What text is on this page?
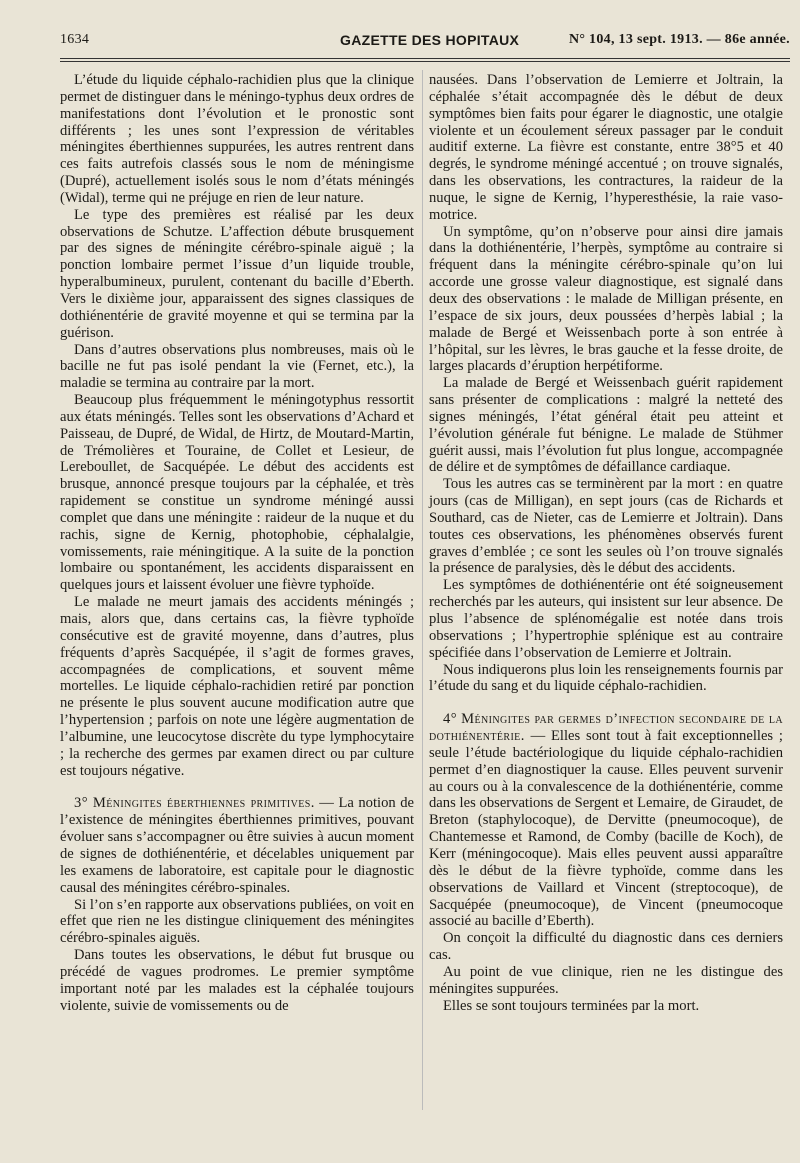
1634	GAZETTE DES HOPITAUX	N° 104, 13 sept. 1913. — 86e année.

L’étude du liquide céphalo-rachidien plus que la clinique permet de distinguer dans le méningo-typhus deux ordres de manifestations dont l’évolution et le pronostic sont différents ; les unes sont l’expression de véritables méningites éberthiennes suppurées, les autres rentrent dans ces faits autrefois classés sous le nom de méningisme (Dupré), actuellement isolés sous le nom d’états méningés (Widal), terme qui ne préjuge en rien de leur nature.

Le type des premières est réalisé par les deux observations de Schutze. L’affection débute brusquement par des signes de méningite cérébro-spinale aiguë ; la ponction lombaire permet l’issue d’un liquide trouble, hyperalbumineux, purulent, contenant du bacille d’Eberth. Vers le dixième jour, apparaissent des signes classiques de dothiénentérie de gravité moyenne et qui se termina par la guérison.

Dans d’autres observations plus nombreuses, mais où le bacille ne fut pas isolé pendant la vie (Fernet, etc.), la maladie se termina au contraire par la mort.

Beaucoup plus fréquemment le méningotyphus ressortit aux états méningés. Telles sont les observations d’Achard et Paisseau, de Dupré, de Widal, de Hirtz, de Moutard-Martin, de Trémolières et Touraine, de Collet et Lesieur, de Lereboullet, de Sacquépée. Le début des accidents est brusque, annoncé presque toujours par la céphalée, et très rapidement se constitue un syndrome méningé aussi complet que dans une méningite : raideur de la nuque et du rachis, signe de Kernig, photophobie, céphalalgie, vomissements, raie méningitique. A la suite de la ponction lombaire ou spontanément, les accidents disparaissent en quelques jours et laissent évoluer une fièvre typhoïde.

Le malade ne meurt jamais des accidents méningés ; mais, alors que, dans certains cas, la fièvre typhoïde consécutive est de gravité moyenne, dans d’autres, plus fréquents d’après Sacquépée, il s’agit de formes graves, accompagnées de complications, et souvent même mortelles. Le liquide céphalo-rachidien retiré par ponction ne présente le plus souvent aucune modification autre que l’hypertension ; parfois on note une légère augmentation de l’albumine, une leucocytose discrète du type lymphocytaire ; la recherche des germes par examen direct ou par culture est toujours négative.

3° Méningites éberthiennes primitives. — La notion de l’existence de méningites éberthiennes primitives, pouvant évoluer sans s’accompagner ou être suivies à aucun moment de signes de dothiénentérie, et décelables uniquement par les examens de laboratoire, est capitale pour le diagnostic causal des méningites cérébro-spinales.

Si l’on s’en rapporte aux observations publiées, on voit en effet que rien ne les distingue cliniquement des méningites cérébro-spinales aiguës.

Dans toutes les observations, le début fut brusque ou précédé de vagues prodromes. Le premier symptôme important noté par les malades est la céphalée toujours violente, suivie de vomissements ou de

nausées. Dans l’observation de Lemierre et Joltrain, la céphalée s’était accompagnée dès le début de deux symptômes bien faits pour égarer le diagnostic, une otalgie violente et un écoulement séreux passager par le conduit auditif externe. La fièvre est constante, entre 38°5 et 40 degrés, le syndrome méningé accentué ; on trouve signalés, dans les observations, les contractures, la raideur de la nuque, le signe de Kernig, l’hyperesthésie, la raie vaso-motrice.

Un symptôme, qu’on n’observe pour ainsi dire jamais dans la dothiénentérie, l’herpès, symptôme au contraire si fréquent dans la méningite cérébro-spinale qu’on lui accorde une grosse valeur diagnostique, est signalé dans deux des observations : le malade de Milligan présente, en l’espace de six jours, deux poussées d’herpès labial ; la malade de Bergé et Weissenbach porte à son entrée à l’hôpital, sur les lèvres, le bras gauche et la fesse droite, de larges placards d’éruption herpétiforme.

La malade de Bergé et Weissenbach guérit rapidement sans présenter de complications : malgré la netteté des signes méningés, l’état général était peu atteint et l’évolution générale fut bénigne. Le malade de Stühmer guérit aussi, mais l’évolution fut plus longue, accompagnée de délire et de symptômes de défaillance cardiaque.

Tous les autres cas se terminèrent par la mort : en quatre jours (cas de Milligan), en sept jours (cas de Richards et Southard, cas de Nieter, cas de Lemierre et Joltrain). Dans toutes ces observations, les phénomènes observés furent graves d’emblée ; ce sont les seules où l’on trouve signalés la présence de paralysies, dès le début des accidents.

Les symptômes de dothiénentérie ont été soigneusement recherchés par les auteurs, qui insistent sur leur absence. De plus l’absence de splénomégalie est notée dans trois observations ; l’hypertrophie splénique est au contraire spécifiée dans l’observation de Lemierre et Joltrain.

Nous indiquerons plus loin les renseignements fournis par l’étude du sang et du liquide céphalo-rachidien.

4° Méningites par germes d’infection secondaire de la dothiénentérie. — Elles sont tout à fait exceptionnelles ; seule l’étude bactériologique du liquide céphalo-rachidien permet d’en diagnostiquer la cause. Elles peuvent survenir au cours ou à la convalescence de la dothiénentérie, comme dans les observations de Sergent et Lemaire, de Giraudet, de Breton (staphylocoque), de Dervitte (pneumocoque), de Chantemesse et Ramond, de Comby (bacille de Koch), de Kerr (méningocoque). Mais elles peuvent aussi apparaître dès le début de la fièvre typhoïde, comme dans les observations de Vaillard et Vincent (streptocoque), de Sacquépée (pneumocoque), de Vincent (pneumocoque associé au bacille d’Eberth).

On conçoit la difficulté du diagnostic dans ces derniers cas.

Au point de vue clinique, rien ne les distingue des méningites suppurées.

Elles se sont toujours terminées par la mort.
